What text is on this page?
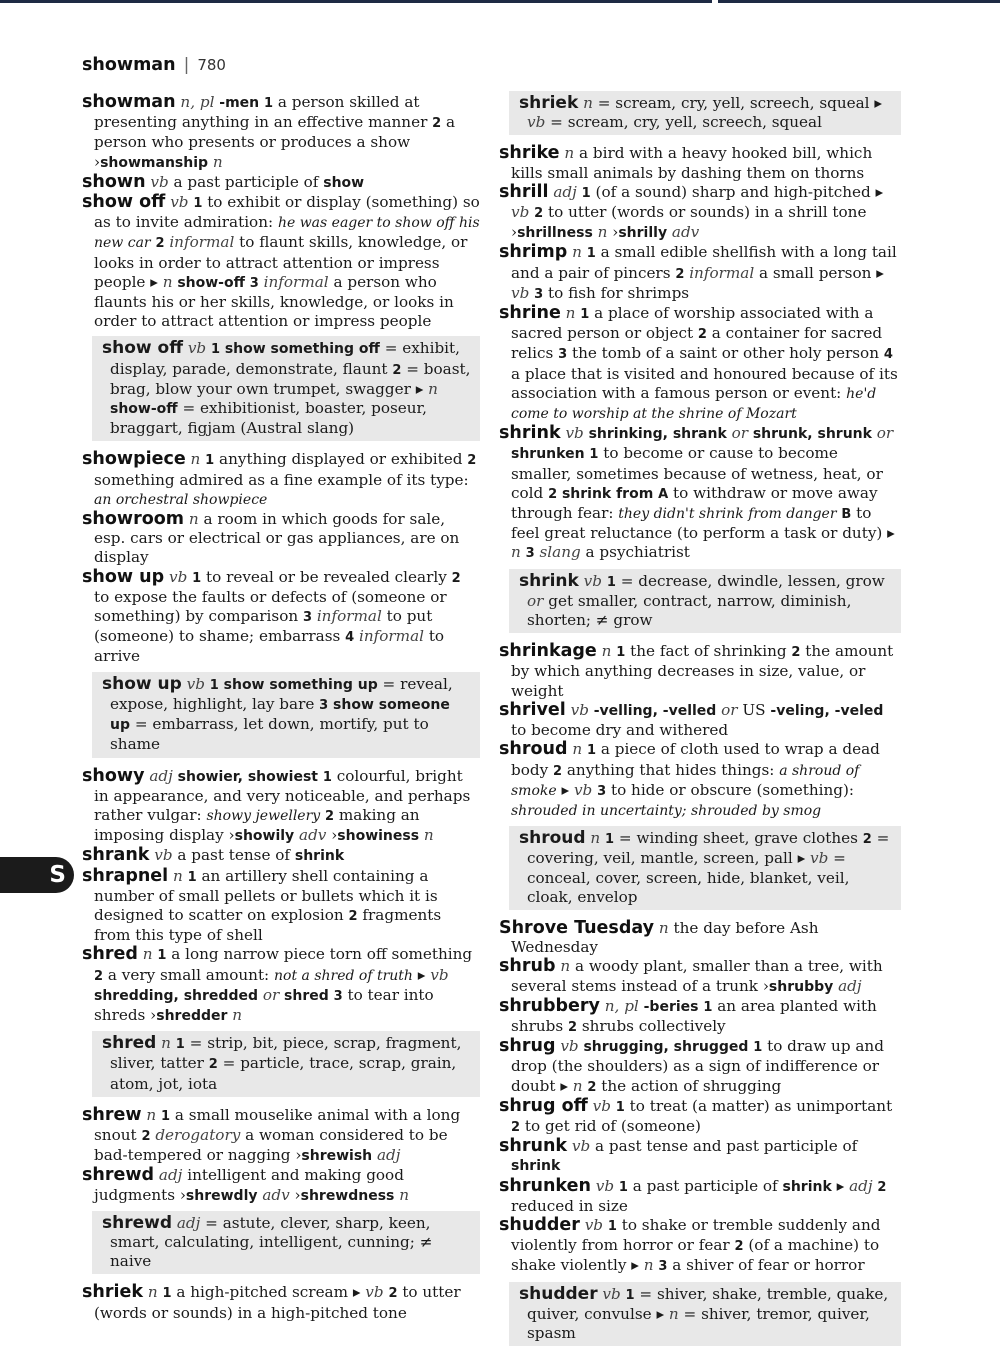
showman | 780
S

showman n, pl -men 1 a person skilled at presenting anything in an effective manner 2 a person who presents or produces a show ›showmanship n

shown vb a past participle of show

show off vb 1 to exhibit or display (something) so as to invite admiration: he was eager to show off his new car 2 informal to flaunt skills, knowledge, or looks in order to attract attention or impress people ▸ n show-off 3 informal a person who flaunts his or her skills, knowledge, or looks in order to attract attention or impress people

show off vb 1 show something off = exhibit, display, parade, demonstrate, flaunt 2 = boast, brag, blow your own trumpet, swagger ▸ n show-off = exhibitionist, boaster, poseur, braggart, figjam (Austral slang)

showpiece n 1 anything displayed or exhibited 2 something admired as a fine example of its type: an orchestral showpiece

showroom n a room in which goods for sale, esp. cars or electrical or gas appliances, are on display

show up vb 1 to reveal or be revealed clearly 2 to expose the faults or defects of (someone or something) by comparison 3 informal to put (someone) to shame; embarrass 4 informal to arrive

show up vb 1 show something up = reveal, expose, highlight, lay bare 3 show someone up = embarrass, let down, mortify, put to shame

showy adj showier, showiest 1 colourful, bright in appearance, and very noticeable, and perhaps rather vulgar: showy jewellery 2 making an imposing display ›showily adv ›showiness n

shrank vb a past tense of shrink

shrapnel n 1 an artillery shell containing a number of small pellets or bullets which it is designed to scatter on explosion 2 fragments from this type of shell

shred n 1 a long narrow piece torn off something 2 a very small amount: not a shred of truth ▸ vb shredding, shredded or shred 3 to tear into shreds ›shredder n

shred n 1 = strip, bit, piece, scrap, fragment, sliver, tatter 2 = particle, trace, scrap, grain, atom, jot, iota

shrew n 1 a small mouselike animal with a long snout 2 derogatory a woman considered to be bad-tempered or nagging ›shrewish adj

shrewd adj intelligent and making good judgments ›shrewdly adv ›shrewdness n

shrewd adj = astute, clever, sharp, keen, smart, calculating, intelligent, cunning; ≠ naive

shriek n 1 a high-pitched scream ▸ vb 2 to utter (words or sounds) in a high-pitched tone

shriek n = scream, cry, yell, screech, squeal ▸ vb = scream, cry, yell, screech, squeal

shrike n a bird with a heavy hooked bill, which kills small animals by dashing them on thorns

shrill adj 1 (of a sound) sharp and high-pitched ▸ vb 2 to utter (words or sounds) in a shrill tone ›shrillness n ›shrilly adv

shrimp n 1 a small edible shellfish with a long tail and a pair of pincers 2 informal a small person ▸ vb 3 to fish for shrimps

shrine n 1 a place of worship associated with a sacred person or object 2 a container for sacred relics 3 the tomb of a saint or other holy person 4 a place that is visited and honoured because of its association with a famous person or event: he'd come to worship at the shrine of Mozart

shrink vb shrinking, shrank or shrunk, shrunk or shrunken 1 to become or cause to become smaller, sometimes because of wetness, heat, or cold 2 shrink from A to withdraw or move away through fear: they didn't shrink from danger B to feel great reluctance (to perform a task or duty) ▸ n 3 slang a psychiatrist

shrink vb 1 = decrease, dwindle, lessen, grow or get smaller, contract, narrow, diminish, shorten; ≠ grow

shrinkage n 1 the fact of shrinking 2 the amount by which anything decreases in size, value, or weight

shrivel vb -velling, -velled or US -veling, -veled to become dry and withered

shroud n 1 a piece of cloth used to wrap a dead body 2 anything that hides things: a shroud of smoke ▸ vb 3 to hide or obscure (something): shrouded in uncertainty; shrouded by smog

shroud n 1 = winding sheet, grave clothes 2 = covering, veil, mantle, screen, pall ▸ vb = conceal, cover, screen, hide, blanket, veil, cloak, envelop

Shrove Tuesday n the day before Ash Wednesday

shrub n a woody plant, smaller than a tree, with several stems instead of a trunk ›shrubby adj

shrubbery n, pl -beries 1 an area planted with shrubs 2 shrubs collectively

shrug vb shrugging, shrugged 1 to draw up and drop (the shoulders) as a sign of indifference or doubt ▸ n 2 the action of shrugging

shrug off vb 1 to treat (a matter) as unimportant 2 to get rid of (someone)

shrunk vb a past tense and past participle of shrink

shrunken vb 1 a past participle of shrink ▸ adj 2 reduced in size

shudder vb 1 to shake or tremble suddenly and violently from horror or fear 2 (of a machine) to shake violently ▸ n 3 a shiver of fear or horror

shudder vb 1 = shiver, shake, tremble, quake, quiver, convulse ▸ n = shiver, tremor, quiver, spasm
